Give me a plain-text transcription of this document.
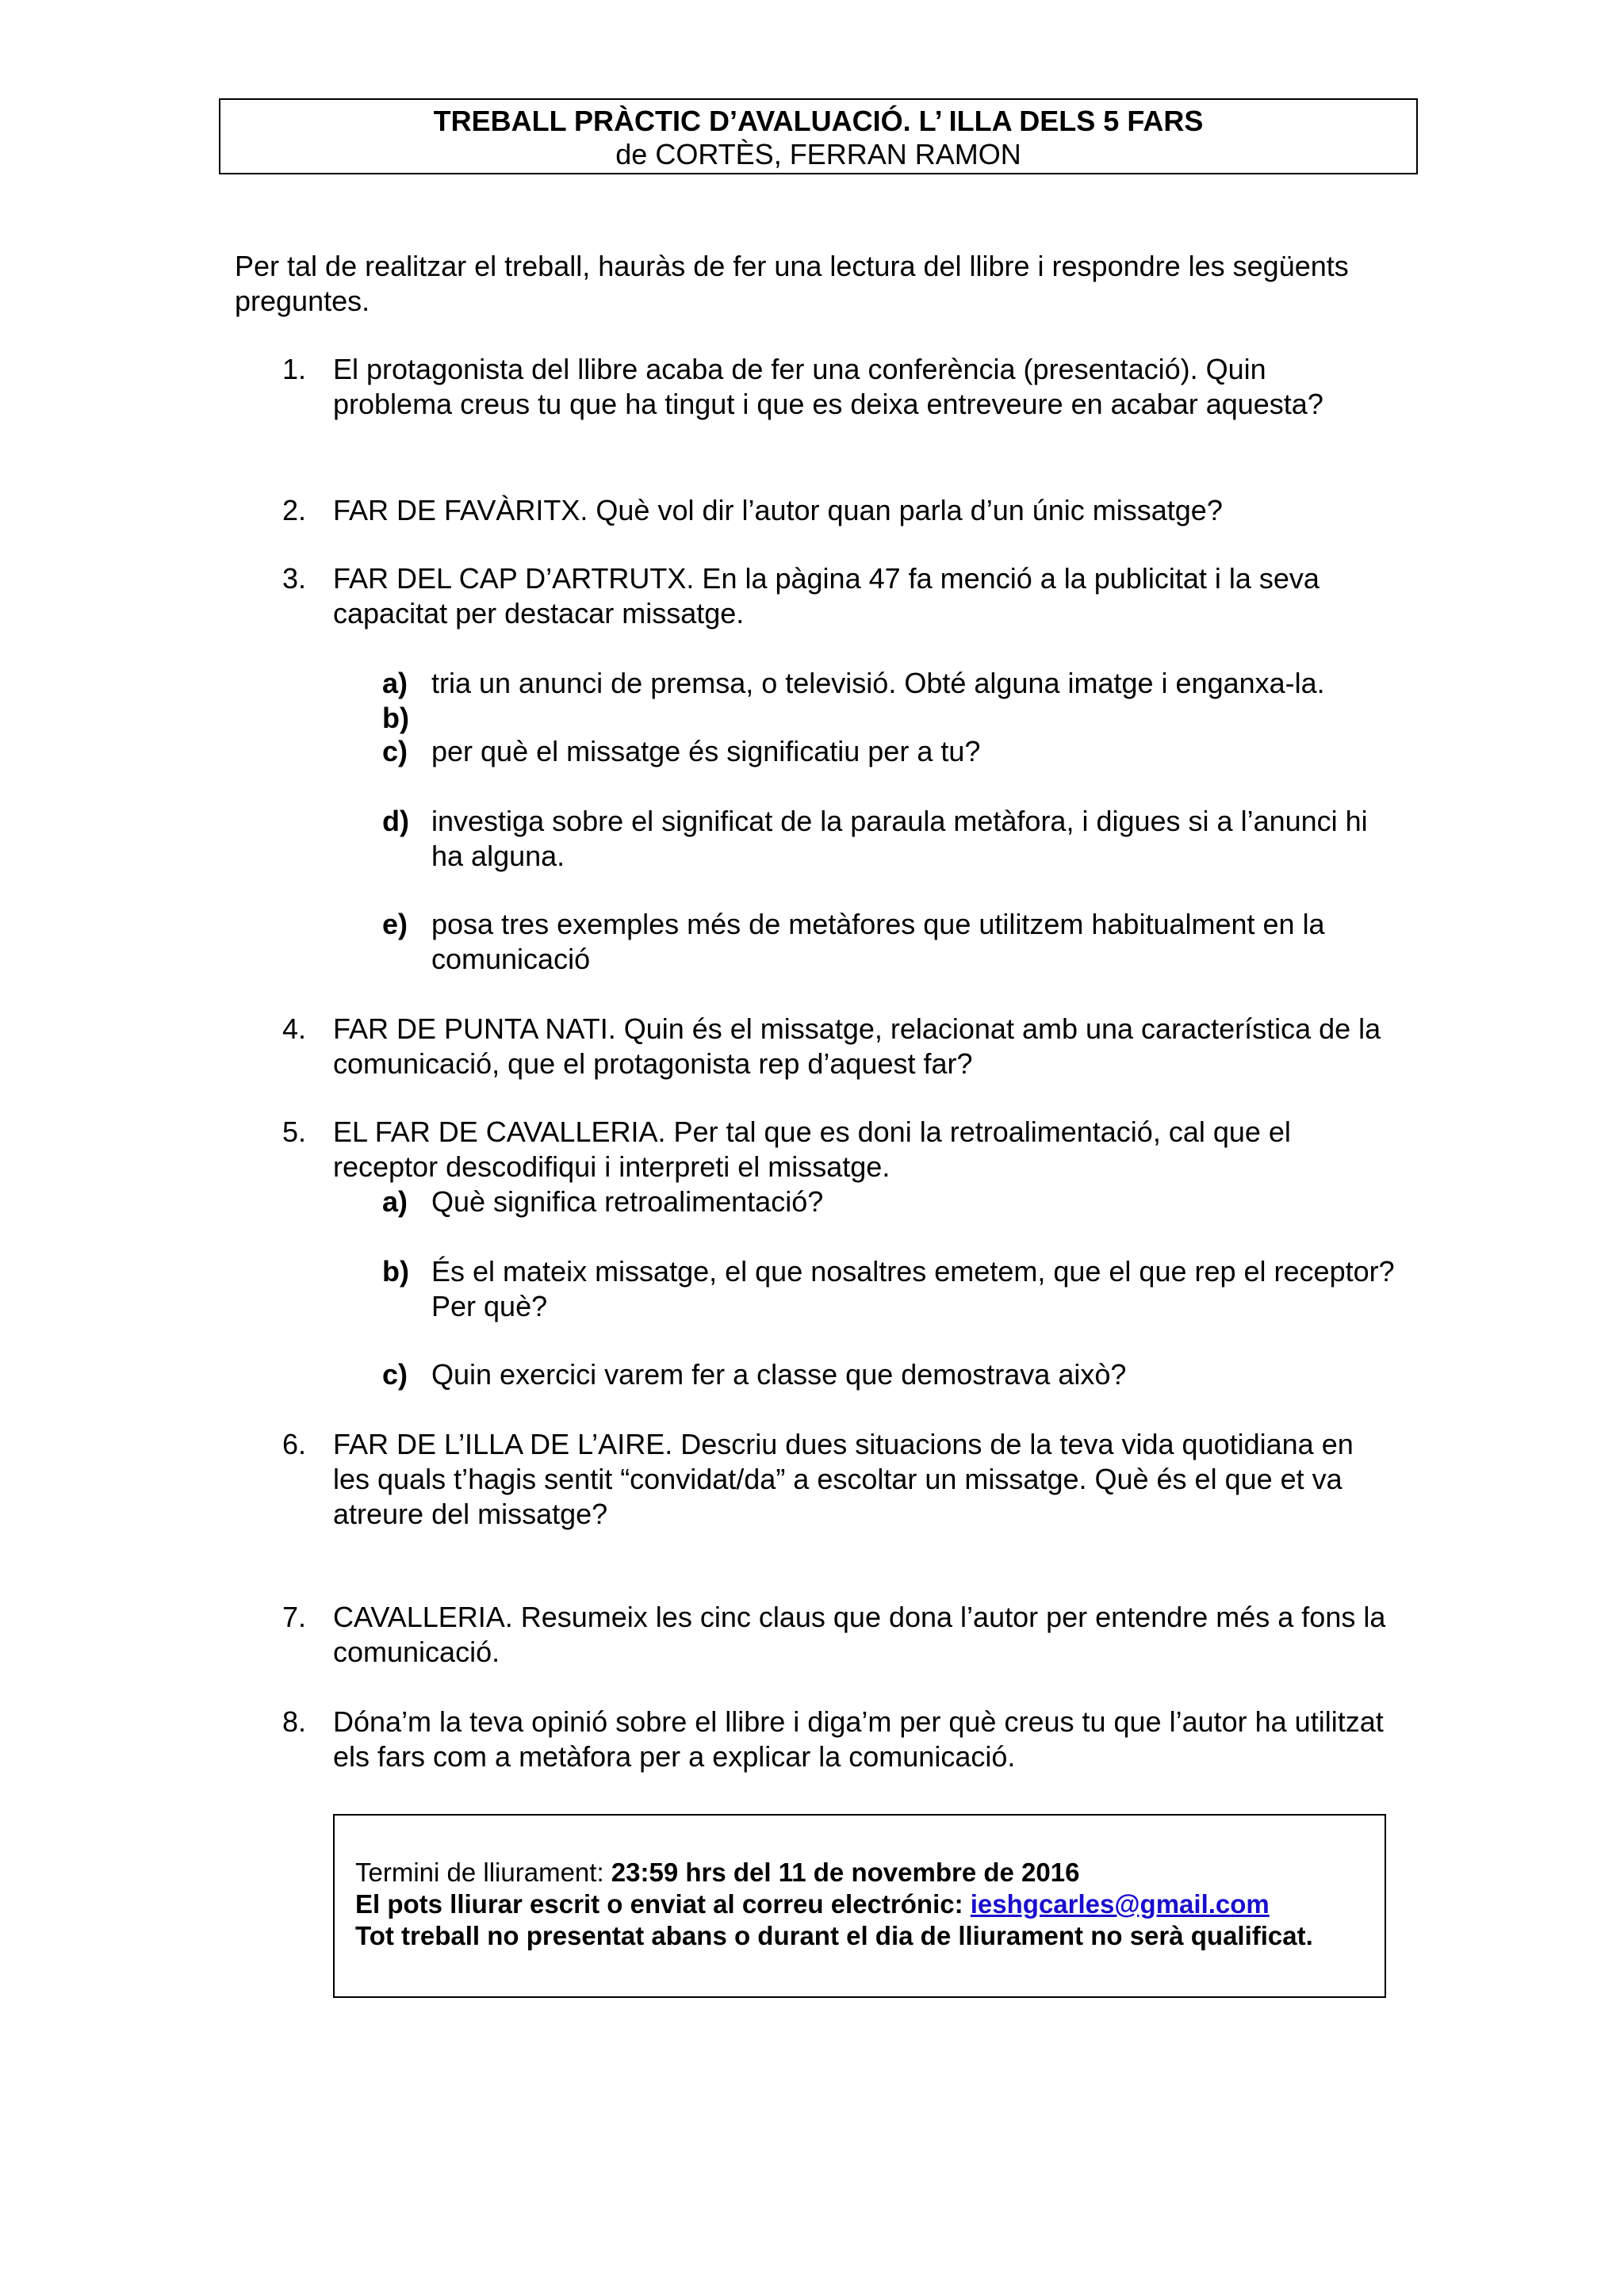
TREBALL PRÀCTIC D’AVALUACIÓ. L’ ILLA DELS 5 FARS
de CORTÈS, FERRAN RAMON
Per tal de realitzar el treball, hauràs de fer una lectura del llibre i respondre les següents preguntes.
1. El protagonista del llibre acaba de fer una conferència (presentació). Quin problema creus tu que ha tingut i que es deixa entreveure en acabar aquesta?
2. FAR DE FAVÀRITX. Què vol dir l’autor quan parla d’un únic missatge?
3. FAR DEL CAP D’ARTRUTX. En la pàgina 47 fa menció a la publicitat i la seva capacitat per destacar missatge.
a) tria un anunci de premsa, o televisió. Obté alguna imatge i enganxa-la.
b)
c) per què el missatge és significatiu per a tu?
d) investiga sobre el significat de la paraula metàfora, i digues si a l’anunci hi ha alguna.
e) posa tres exemples més de metàfores que utilitzem habitualment en la comunicació
4. FAR DE PUNTA NATI. Quin és el missatge, relacionat amb una característica de la comunicació, que el protagonista rep d’aquest far?
5. EL FAR DE CAVALLERIA. Per tal que es doni la retroalimentació, cal que el receptor descodifiqui i interpreti el missatge.
a) Què significa retroalimentació?
b) És el mateix missatge, el que nosaltres emetem, que el que rep el receptor? Per què?
c) Quin exercici varem fer a classe que demostrava això?
6. FAR DE L’ILLA DE L’AIRE. Descriu dues situacions de la teva vida quotidiana en les quals t’hagis sentit “convidat/da” a escoltar un missatge. Què és el que et va atreure del missatge?
7. CAVALLERIA. Resumeix les cinc claus que dona l’autor per entendre més a fons la comunicació.
8. Dóna’m la teva opinió sobre el llibre i diga’m per què creus tu que l’autor ha utilitzat els fars com a metàfora per a explicar la comunicació.
Termini de lliurament: 23:59 hrs del 11 de novembre de 2016
El pots lliurar escrit o enviat al correu electrónic: ieshgcarles@gmail.com
Tot treball no presentat abans o durant el dia de lliurament no serà qualificat.
